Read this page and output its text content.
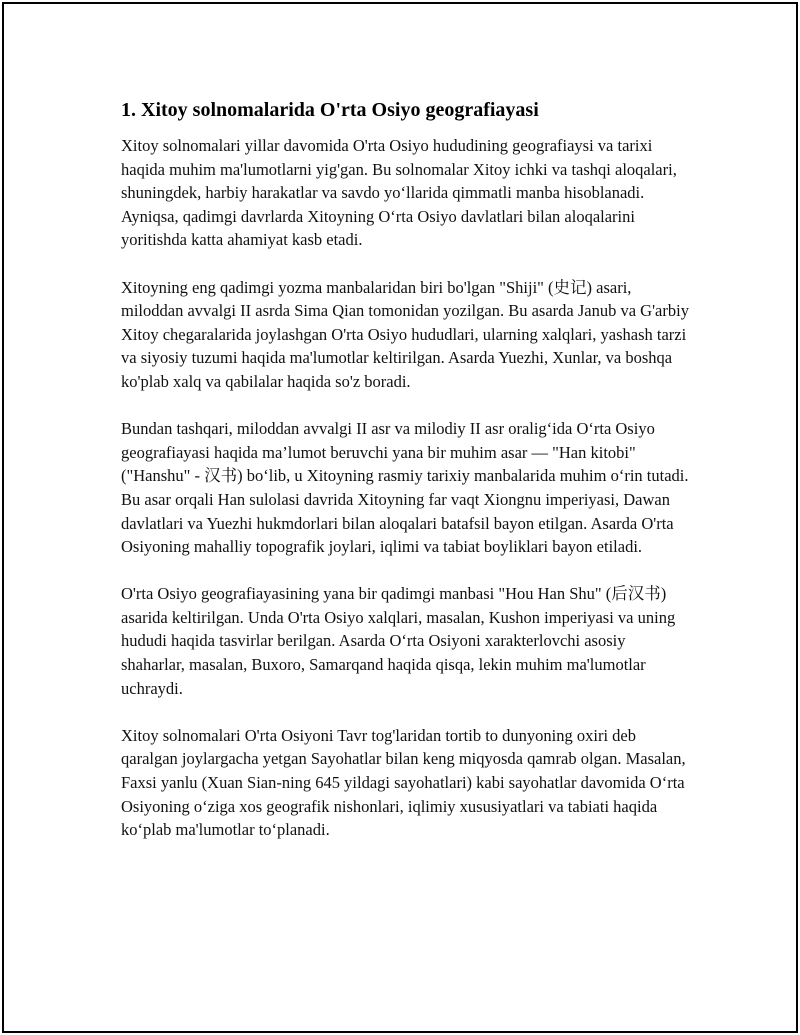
1. Xitoy solnomalarida O'rta Osiyo geografiayasi

Xitoy solnomalari yillar davomida O'rta Osiyo hududining geografiaysi va tarixi haqida muhim ma'lumotlarni yig'gan. Bu solnomalar Xitoy ichki va tashqi aloqalari, shuningdek, harbiy harakatlar va savdo yo‘llarida qimmatli manba hisoblanadi. Ayniqsa, qadimgi davrlarda Xitoyning O‘rta Osiyo davlatlari bilan aloqalarini yoritishda katta ahamiyat kasb etadi.

Xitoyning eng qadimgi yozma manbalaridan biri bo'lgan "Shiji" (史记) asari, miloddan avvalgi II asrda Sima Qian tomonidan yozilgan. Bu asarda Janub va G'arbiy Xitoy chegaralarida joylashgan O'rta Osiyo hududlari, ularning xalqlari, yashash tarzi va siyosiy tuzumi haqida ma'lumotlar keltirilgan. Asarda Yuezhi, Xunlar, va boshqa ko'plab xalq va qabilalar haqida so'z boradi.

Bundan tashqari, miloddan avvalgi II asr va milodiy II asr oralig‘ida O‘rta Osiyo geografiayasi haqida ma’lumot beruvchi yana bir muhim asar — "Han kitobi" ("Hanshu" - 汉书) bo‘lib, u Xitoyning rasmiy tarixiy manbalarida muhim o‘rin tutadi. Bu asar orqali Han sulolasi davrida Xitoyning far vaqt Xiongnu imperiyasi, Dawan davlatlari va Yuezhi hukmdorlari bilan aloqalari batafsil bayon etilgan. Asarda O'rta Osiyoning mahalliy topografik joylari, iqlimi va tabiat boyliklari bayon etiladi.

O'rta Osiyo geografiayasining yana bir qadimgi manbasi "Hou Han Shu" (后汉书) asarida keltirilgan. Unda O'rta Osiyo xalqlari, masalan, Kushon imperiyasi va uning hududi haqida tasvirlar berilgan. Asarda O‘rta Osiyoni xarakterlovchi asosiy shaharlar, masalan, Buxoro, Samarqand haqida qisqa, lekin muhim ma'lumotlar uchraydi.

Xitoy solnomalari O'rta Osiyoni Tavr tog'laridan tortib to dunyoning oxiri deb qaralgan joylargacha yetgan Sayohatlar bilan keng miqyosda qamrab olgan. Masalan, Faxsi yanlu (Xuan Sian-ning 645 yildagi sayohatlari) kabi sayohatlar davomida O‘rta Osiyoning o‘ziga xos geografik nishonlari, iqlimiy xususiyatlari va tabiati haqida ko‘plab ma'lumotlar to‘planadi.
